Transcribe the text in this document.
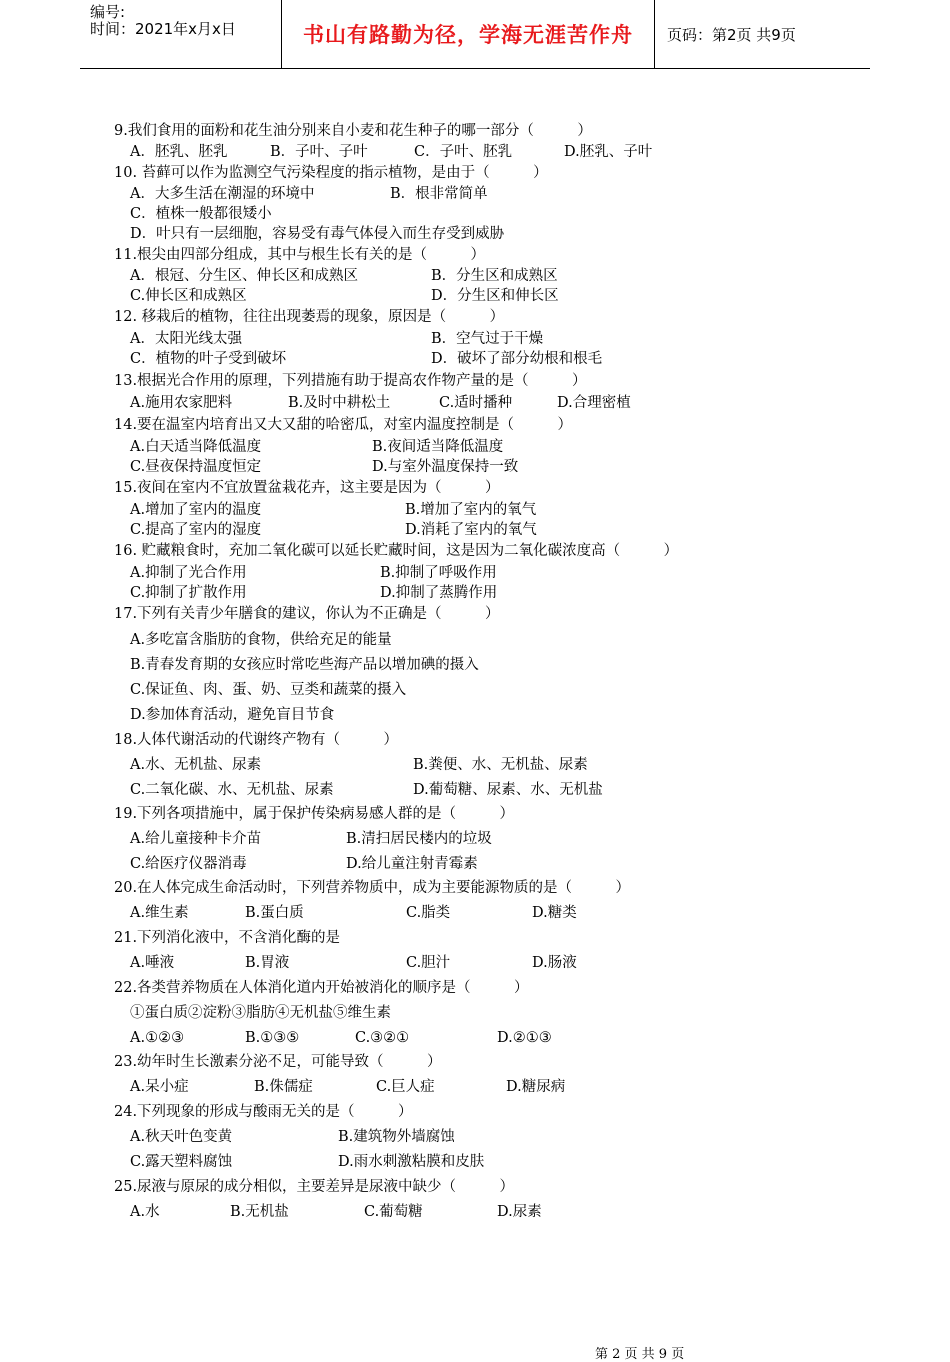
编号:
时间：2021年x月x日	书山有路勤为径，学海无涯苦作舟 页码：第2页 共9页
9.我们食用的面粉和花生油分别来自小麦和花生种子的哪一部分（　　　）
A．胚乳、胚乳	B．子叶、子叶	C．子叶、胚乳	D.胚乳、子叶
10. 苔藓可以作为监测空气污染程度的指示植物，是由于（　　　）
A．大多生活在潮湿的环境中	B．根非常简单
C．植株一般都很矮小
D．叶只有一层细胞，容易受有毒气体侵入而生存受到威胁
11.根尖由四部分组成，其中与根生长有关的是（　　　）
A．根冠、分生区、伸长区和成熟区	B．分生区和成熟区
C.伸长区和成熟区	D．分生区和伸长区
12. 移栽后的植物，往往出现萎焉的现象，原因是（　　　）
A．太阳光线太强	B．空气过于干燥
C．植物的叶子受到破坏	D．破坏了部分幼根和根毛
13.根据光合作用的原理，下列措施有助于提高农作物产量的是（　　　）
A.施用农家肥料	B.及时中耕松土	C.适时播种	D.合理密植
14.要在温室内培育出又大又甜的哈密瓜，对室内温度控制是（　　　）
A.白天适当降低温度	B.夜间适当降低温度
C.昼夜保持温度恒定	D.与室外温度保持一致
15.夜间在室内不宜放置盆栽花卉，这主要是因为（　　　）
A.增加了室内的温度	B.增加了室内的氧气
C.提高了室内的湿度	D.消耗了室内的氧气
16. 贮藏粮食时，充加二氧化碳可以延长贮藏时间，这是因为二氧化碳浓度高（　　　）
A.抑制了光合作用	B.抑制了呼吸作用
C.抑制了扩散作用	D.抑制了蒸腾作用
17.下列有关青少年膳食的建议，你认为不正确是（　　　）
A.多吃富含脂肪的食物，供给充足的能量
B.青春发育期的女孩应时常吃些海产品以增加碘的摄入
C.保证鱼、肉、蛋、奶、豆类和蔬菜的摄入
D.参加体育活动，避免盲目节食
18.人体代谢活动的代谢终产物有（　　　）
A.水、无机盐、尿素	B.粪便、水、无机盐、尿素
C.二氧化碳、水、无机盐、尿素	D.葡萄糖、尿素、水、无机盐
19.下列各项措施中，属于保护传染病易感人群的是（　　　）
A.给儿童接种卡介苗	B.清扫居民楼内的垃圾
C.给医疗仪器消毒	D.给儿童注射青霉素
20.在人体完成生命活动时，下列营养物质中，成为主要能源物质的是（　　　）
A.维生素	B.蛋白质	C.脂类	D.糖类
21.下列消化液中，不含消化酶的是
A.唾液	B.胃液	C.胆汁	D.肠液
22.各类营养物质在人体消化道内开始被消化的顺序是（　　　）
①蛋白质②淀粉③脂肪④无机盐⑤维生素
A.①②③	B.①③⑤	C.③②①	D.②①③
23.幼年时生长激素分泌不足，可能导致（　　　）
A.呆小症	B.侏儒症	C.巨人症	D.糖尿病
24.下列现象的形成与酸雨无关的是（　　　）
A.秋天叶色变黄	B.建筑物外墙腐蚀
C.露天塑料腐蚀	D.雨水刺激粘膜和皮肤
25.尿液与原尿的成分相似，主要差异是尿液中缺少（　　　）
A.水	B.无机盐	C.葡萄糖	D.尿素
第 2 页 共 9 页
